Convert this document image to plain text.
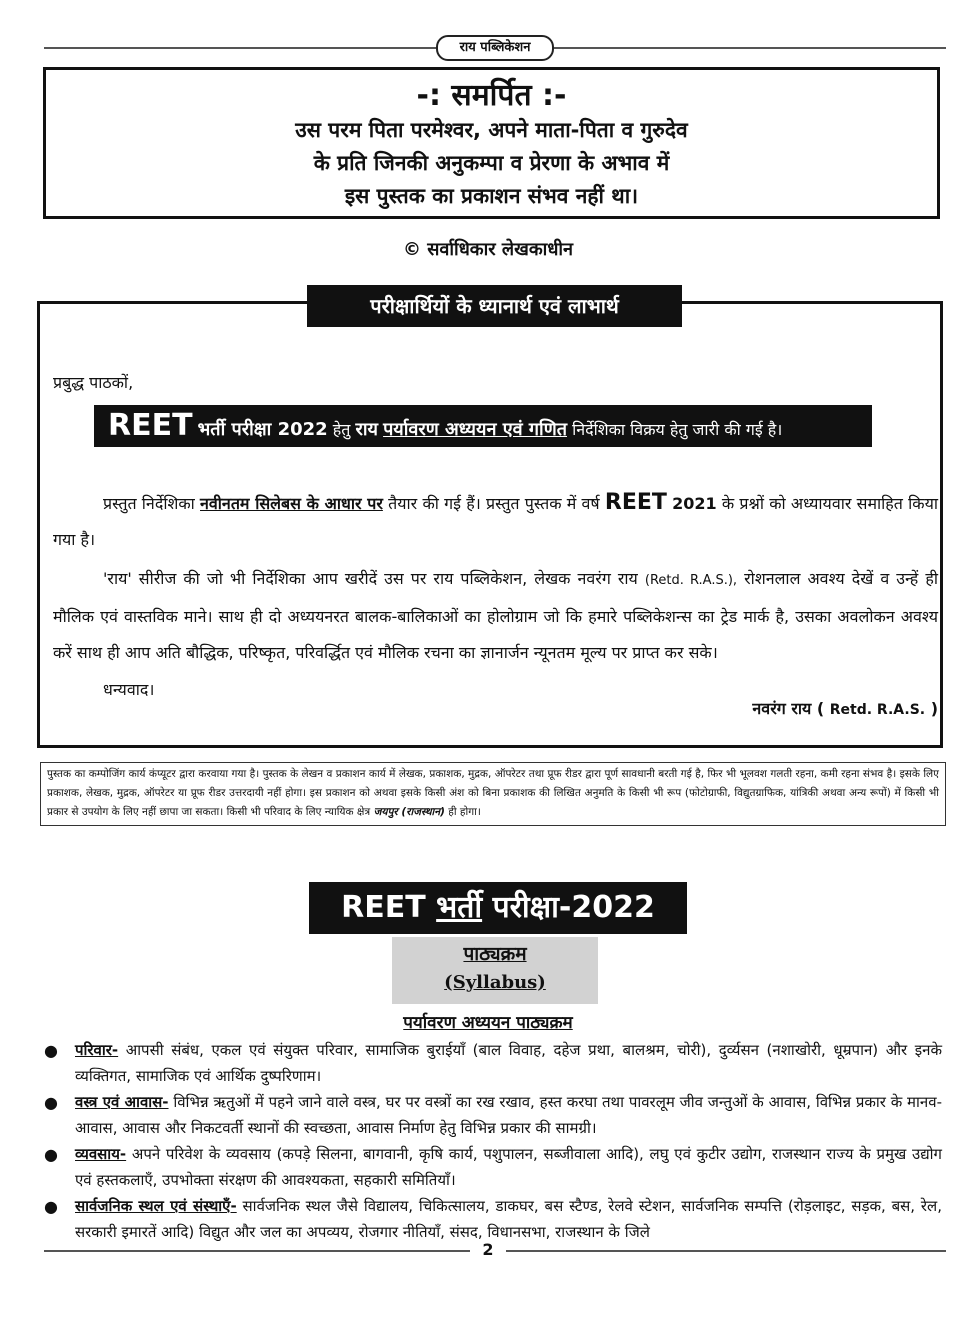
राय पब्लिकेशन
-: समर्पित :-
उस परम पिता परमेश्वर, अपने माता-पिता व गुरुदेव
के प्रति जिनकी अनुकम्पा व प्रेरणा के अभाव में
इस पुस्तक का प्रकाशन संभव नहीं था।
© सर्वाधिकार लेखकाधीन
परीक्षार्थियों के ध्यानार्थ एवं लाभार्थ
प्रबुद्ध पाठकों,
REET भर्ती परीक्षा 2022 हेतु राय पर्यावरण अध्ययन एवं गणित निर्देशिका विक्रय हेतु जारी की गई है।
प्रस्तुत निर्देशिका नवीनतम सिलेबस के आधार पर तैयार की गई हैं। प्रस्तुत पुस्तक में वर्ष REET 2021 के प्रश्नों को अध्यायवार समाहित किया गया है।
'राय' सीरीज की जो भी निर्देशिका आप खरीदें उस पर राय पब्लिकेशन, लेखक नवरंग राय (Retd. R.A.S.), रोशनलाल अवश्य देखें व उन्हें ही मौलिक एवं वास्तविक माने। साथ ही दो अध्ययनरत बालक-बालिकाओं का होलोग्राम जो कि हमारे पब्लिकेशन्स का ट्रेड मार्क है, उसका अवलोकन अवश्य करें साथ ही आप अति बौद्धिक, परिष्कृत, परिवर्द्धित एवं मौलिक रचना का ज्ञानार्जन न्यूनतम मूल्य पर प्राप्त कर सके।
धन्यवाद।
नवरंग राय ( Retd. R.A.S. )
पुस्तक का कम्पोजिंग कार्य कंप्यूटर द्वारा करवाया गया है। पुस्तक के लेखन व प्रकाशन कार्य में लेखक, प्रकाशक, मुद्रक, ऑपरेटर तथा प्रूफ रीडर द्वारा पूर्ण सावधानी बरती गई है, फिर भी भूलवश गलती रहना, कमी रहना संभव है। इसके लिए प्रकाशक, लेखक, मुद्रक, ऑपरेटर या प्रूफ रीडर उत्तरदायी नहीं होगा। इस प्रकाशन को अथवा इसके किसी अंश को बिना प्रकाशक की लिखित अनुमति के किसी भी रूप (फोटोग्राफी, विद्युतग्राफिक, यांत्रिकी अथवा अन्य रूपों) में किसी भी प्रकार से उपयोग के लिए नहीं छापा जा सकता। किसी भी परिवाद के लिए न्यायिक क्षेत्र जयपुर (राजस्थान) ही होगा।
REET भर्ती परीक्षा-2022
पाठ्यक्रम
(Syllabus)
पर्यावरण अध्ययन पाठ्यक्रम
● परिवार- आपसी संबंध, एकल एवं संयुक्त परिवार, सामाजिक बुराईयाँ (बाल विवाह, दहेज प्रथा, बालश्रम, चोरी), दुर्व्यसन (नशाखोरी, धूम्रपान) और इनके व्यक्तिगत, सामाजिक एवं आर्थिक दुष्परिणाम।
● वस्त्र एवं आवास- विभिन्न ऋतुओं में पहने जाने वाले वस्त्र, घर पर वस्त्रों का रख रखाव, हस्त करघा तथा पावरलूम जीव जन्तुओं के आवास, विभिन्न प्रकार के मानव-आवास, आवास और निकटवर्ती स्थानों की स्वच्छता, आवास निर्माण हेतु विभिन्न प्रकार की सामग्री।
● व्यवसाय- अपने परिवेश के व्यवसाय (कपड़े सिलना, बागवानी, कृषि कार्य, पशुपालन, सब्जीवाला आदि), लघु एवं कुटीर उद्योग, राजस्थान राज्य के प्रमुख उद्योग एवं हस्तकलाएँ, उपभोक्ता संरक्षण की आवश्यकता, सहकारी समितियाँ।
● सार्वजनिक स्थल एवं संस्थाएँ- सार्वजनिक स्थल जैसे विद्यालय, चिकित्सालय, डाकघर, बस स्टैण्ड, रेलवे स्टेशन, सार्वजनिक सम्पत्ति (रोड़लाइट, सड़क, बस, रेल, सरकारी इमारतें आदि) विद्युत और जल का अपव्यय, रोजगार नीतियाँ, संसद, विधानसभा, राजस्थान के जिले
2
